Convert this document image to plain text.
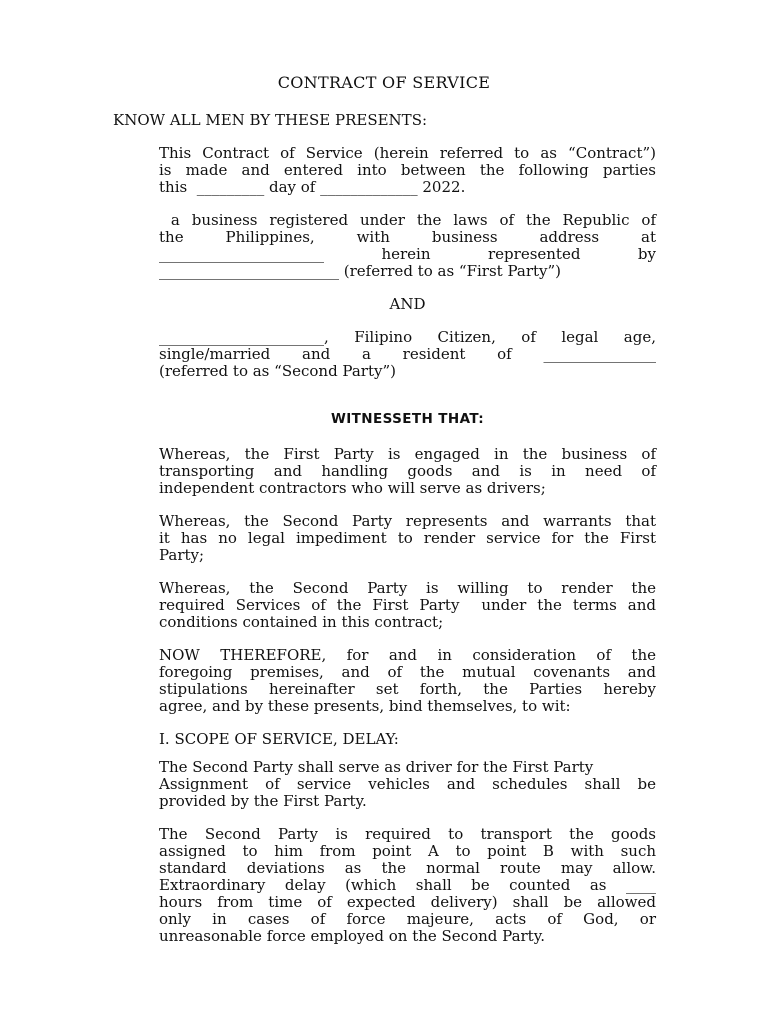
CONTRACT OF SERVICE
KNOW ALL MEN BY THESE PRESENTS:
This Contract of Service (herein referred to as “Contract”)
is made and entered into between the following parties
this  _________ day of _____________ 2022.
a business registered under the laws of the Republic of
the Philippines, with business address at
______________________ herein represented by
________________________ (referred to as “First Party”)
AND
______________________, Filipino Citizen, of legal age,
single/married and a resident of _______________
(referred to as “Second Party”)
WITNESSETH THAT:
Whereas, the First Party is engaged in the business of
transporting and handling goods and is in need of
independent contractors who will serve as drivers;
Whereas, the Second Party represents and warrants that
it has no legal impediment to render service for the First
Party;
Whereas, the Second Party is willing to render the
required Services of the First Party  under the terms and
conditions contained in this contract;
NOW THEREFORE, for and in consideration of the
foregoing premises, and of the mutual covenants and
stipulations hereinafter set forth, the Parties hereby
agree, and by these presents, bind themselves, to wit:
I. SCOPE OF SERVICE, DELAY:
The Second Party shall serve as driver for the First Party
Assignment of service vehicles and schedules shall be
provided by the First Party.
The Second Party is required to transport the goods
assigned to him from point A to point B with such
standard deviations as the normal route may allow.
Extraordinary delay (which shall be counted as ____
hours from time of expected delivery) shall be allowed
only in cases of force majeure, acts of God, or
unreasonable force employed on the Second Party.
